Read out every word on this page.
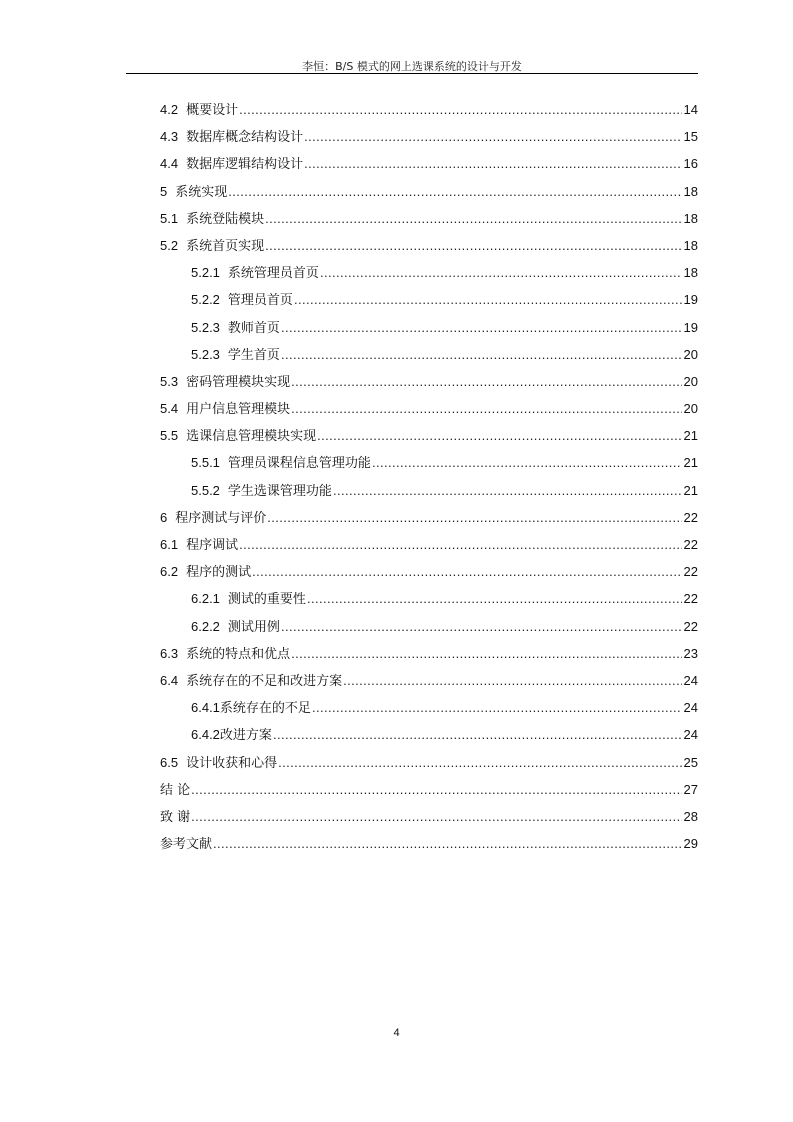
李恒：B/S 模式的网上选课系统的设计与开发
4.2 概要设计 .....	14
4.3 数据库概念结构设计 .....	15
4.4 数据库逻辑结构设计 .....	16
5 系统实现 .....	18
5.1 系统登陆模块 .....	18
5.2 系统首页实现 .....	18
5.2.1 系统管理员首页 .....	18
5.2.2 管理员首页 .....	19
5.2.3 教师首页 .....	19
5.2.3 学生首页 .....	20
5.3 密码管理模块实现 .....	20
5.4 用户信息管理模块 .....	20
5.5 选课信息管理模块实现 .....	21
5.5.1 管理员课程信息管理功能 .....	21
5.5.2 学生选课管理功能 .....	21
6 程序测试与评价 .....	22
6.1 程序调试 .....	22
6.2 程序的测试 .....	22
6.2.1 测试的重要性 .....	22
6.2.2 测试用例 .....	22
6.3 系统的特点和优点 .....	23
6.4 系统存在的不足和改进方案 .....	24
6.4.1 系统存在的不足 .....	24
6.4.2 改进方案 .....	24
6.5 设计收获和心得 .....	25
结 论 .....	27
致 谢 .....	28
参考文献 .....	29
4
